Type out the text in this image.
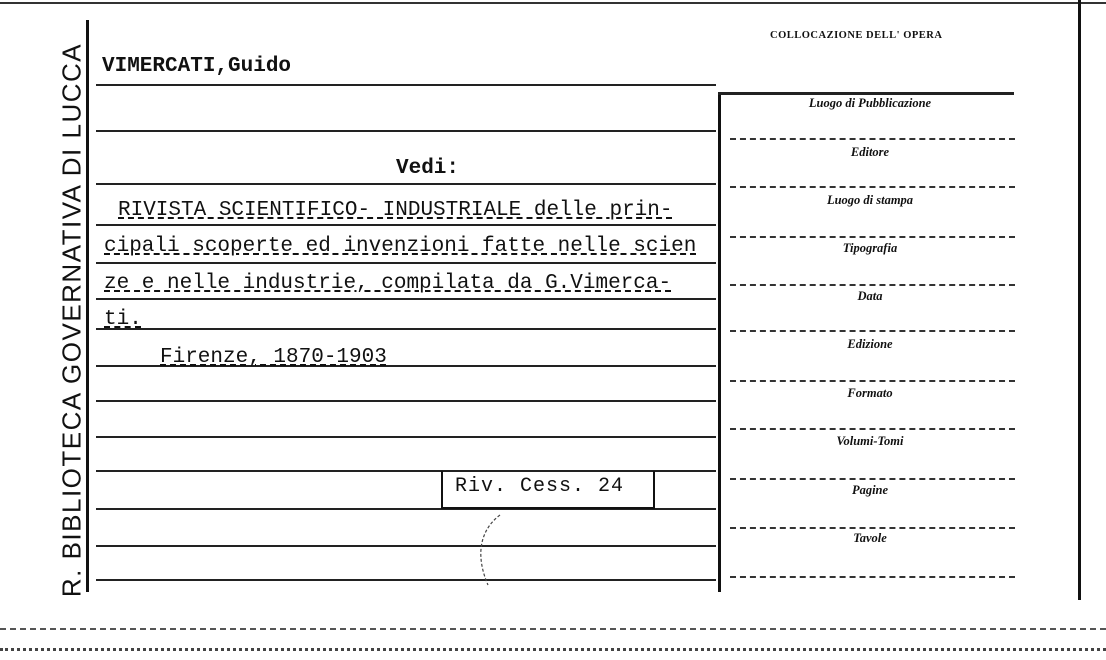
R. BIBLIOTECA GOVERNATIVA DI LUCCA
COLLOCAZIONE DELL' OPERA
Luogo di Pubblicazione
Editore
Luogo di stampa
Tipografia
Data
Edizione
Formato
Volumi-Tomi
Pagine
Tavole
VIMERCATI,Guido
Vedi:
RIVISTA SCIENTIFICO- INDUSTRIALE delle prin-
cipali scoperte ed invenzioni fatte nelle scien
ze e nelle industrie, compilata da G.Vimerca-
ti.
Firenze, 1870-1903
Riv. Cess. 24
